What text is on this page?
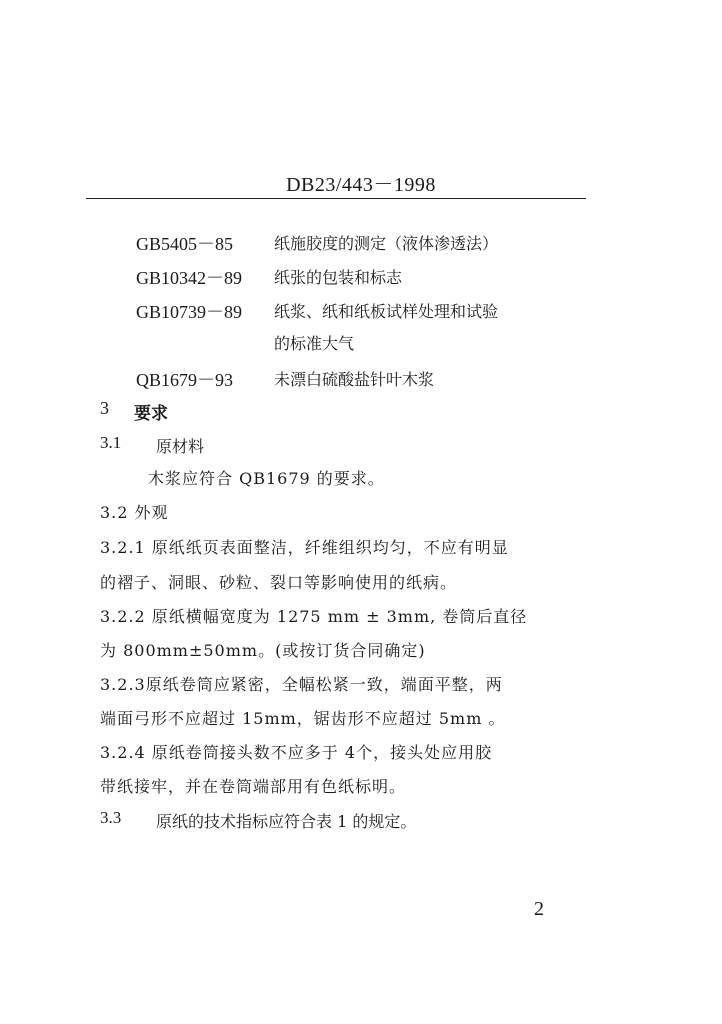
DB23/443－1998
GB5405－85	纸施胶度的测定（液体渗透法）
GB10342－89 纸张的包装和标志
GB10739－89 纸浆、纸和纸板试样处理和试验
的标准大气
QB1679－93	未漂白硫酸盐针叶木浆
3 要求
3.1 原材料
木浆应符合 QB1679 的要求。
3.2 外观
3.2.1 原纸纸页表面整洁，纤维组织均匀，不应有明显
的褶子、洞眼、砂粒、裂口等影响使用的纸病。
3.2.2 原纸横幅宽度为 1275 mm ± 3mm, 卷筒后直径
为 800mm±50mm。(或按订货合同确定)
3.2.3原纸卷筒应紧密，全幅松紧一致，端面平整，两
端面弓形不应超过 15mm，锯齿形不应超过 5mm 。
3.2.4 原纸卷筒接头数不应多于 4个，接头处应用胶
带纸接牢，并在卷筒端部用有色纸标明。
3.3 原纸的技术指标应符合表 1 的规定。
2
